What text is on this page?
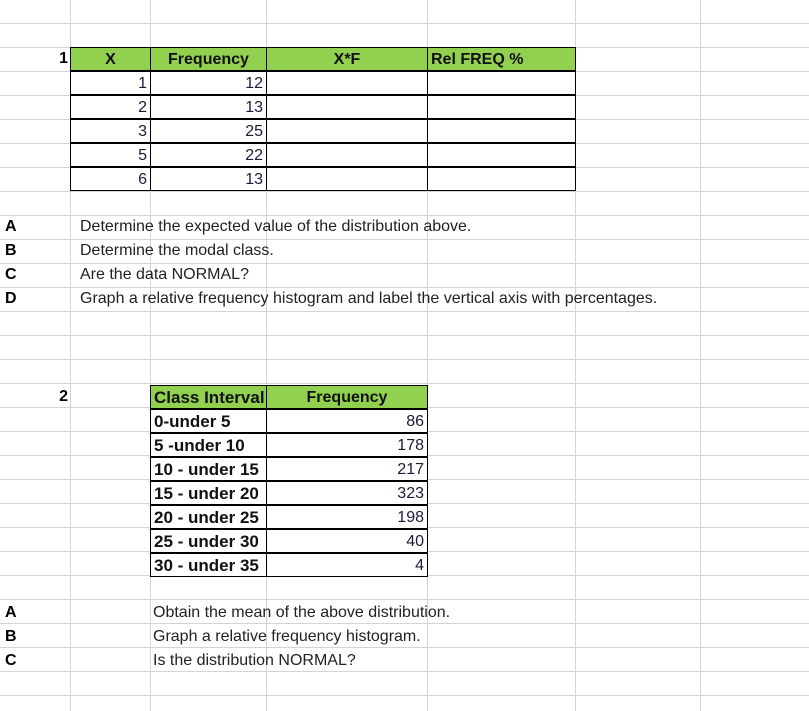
1	X	Frequency	X*F	Rel FREQ %
1	12
2	13
3	25
5	22
6	13
A	Determine the expected value of the distribution above.
B	Determine the modal class.
C	Are the data NORMAL?
D	Graph a relative frequency histogram and label the vertical axis with percentages.
2	Class Interval	Frequency
0-under 5	86
5 -under 10	178
10 - under 15	217
15 - under 20	323
20 - under 25	198
25 - under 30	40
30 - under 35	4
A	Obtain the mean of the above distribution.
B	Graph a relative frequency histogram.
C	Is the distribution NORMAL?
